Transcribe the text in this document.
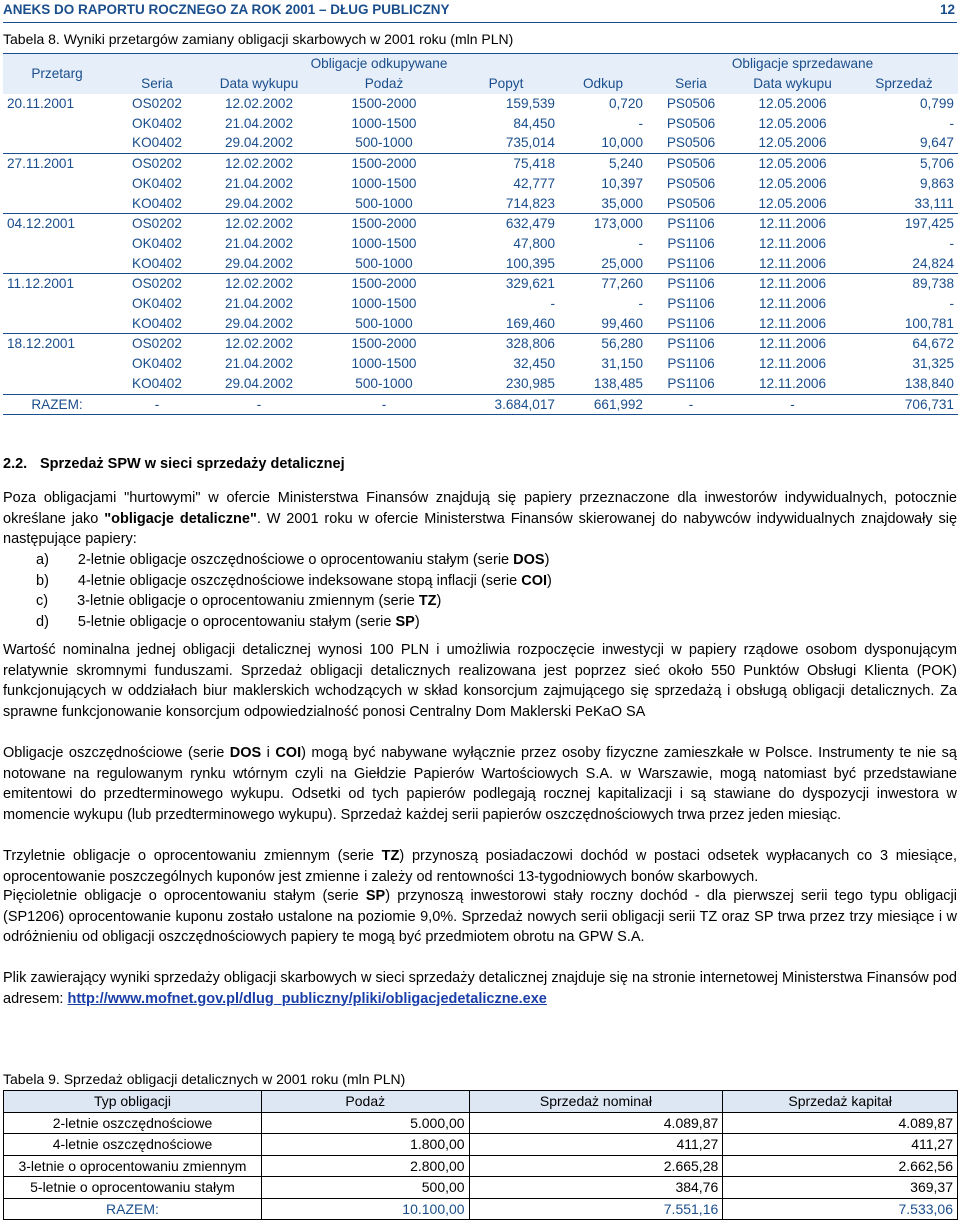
ANEKS DO RAPORTU ROCZNEGO ZA ROK 2001 – DŁUG PUBLICZNY	12
Tabela 8. Wyniki przetargów zamiany obligacji skarbowych w 2001 roku (mln PLN)
Przetarg	Obligacje odkupywane					Obligacje sprzedawane		
	Seria	Data wykupu	Podaż	Popyt	Odkup	Seria	Data wykupu	Sprzedaż
20.11.2001	OS0202	12.02.2002	1500-2000	159,539	0,720	PS0506	12.05.2006	0,799
	OK0402	21.04.2002	1000-1500	84,450	-	PS0506	12.05.2006	-
	KO0402	29.04.2002	500-1000	735,014	10,000	PS0506	12.05.2006	9,647
27.11.2001	OS0202	12.02.2002	1500-2000	75,418	5,240	PS0506	12.05.2006	5,706
	OK0402	21.04.2002	1000-1500	42,777	10,397	PS0506	12.05.2006	9,863
	KO0402	29.04.2002	500-1000	714,823	35,000	PS0506	12.05.2006	33,111
04.12.2001	OS0202	12.02.2002	1500-2000	632,479	173,000	PS1106	12.11.2006	197,425
	OK0402	21.04.2002	1000-1500	47,800	-	PS1106	12.11.2006	-
	KO0402	29.04.2002	500-1000	100,395	25,000	PS1106	12.11.2006	24,824
11.12.2001	OS0202	12.02.2002	1500-2000	329,621	77,260	PS1106	12.11.2006	89,738
	OK0402	21.04.2002	1000-1500	-	-	PS1106	12.11.2006	-
	KO0402	29.04.2002	500-1000	169,460	99,460	PS1106	12.11.2006	100,781
18.12.2001	OS0202	12.02.2002	1500-2000	328,806	56,280	PS1106	12.11.2006	64,672
	OK0402	21.04.2002	1000-1500	32,450	31,150	PS1106	12.11.2006	31,325
	KO0402	29.04.2002	500-1000	230,985	138,485	PS1106	12.11.2006	138,840
RAZEM:	-	-	-	3.684,017	661,992	-	-	706,731
2.2. Sprzedaż SPW w sieci sprzedaży detalicznej
Poza obligacjami "hurtowymi" w ofercie Ministerstwa Finansów znajdują się papiery przeznaczone dla inwestorów indywidualnych, potocznie określane jako "obligacje detaliczne". W 2001 roku w ofercie Ministerstwa Finansów skierowanej do nabywców indywidualnych znajdowały się następujące papiery:
a) 2-letnie obligacje oszczędnościowe o oprocentowaniu stałym (serie DOS)
b) 4-letnie obligacje oszczędnościowe indeksowane stopą inflacji (serie COI)
c) 3-letnie obligacje o oprocentowaniu zmiennym (serie TZ)
d) 5-letnie obligacje o oprocentowaniu stałym (serie SP)
Wartość nominalna jednej obligacji detalicznej wynosi 100 PLN i umożliwia rozpoczęcie inwestycji w papiery rządowe osobom dysponującym relatywnie skromnymi funduszami. Sprzedaż obligacji detalicznych realizowana jest poprzez sieć około 550 Punktów Obsługi Klienta (POK) funkcjonujących w oddziałach biur maklerskich wchodzących w skład konsorcjum zajmującego się sprzedażą i obsługą obligacji detalicznych. Za sprawne funkcjonowanie konsorcjum odpowiedzialność ponosi Centralny Dom Maklerski PeKaO SA
Obligacje oszczędnościowe (serie DOS i COI) mogą być nabywane wyłącznie przez osoby fizyczne zamieszkałe w Polsce. Instrumenty te nie są notowane na regulowanym rynku wtórnym czyli na Giełdzie Papierów Wartościowych S.A. w Warszawie, mogą natomiast być przedstawiane emitentowi do przedterminowego wykupu. Odsetki od tych papierów podlegają rocznej kapitalizacji i są stawiane do dyspozycji inwestora w momencie wykupu (lub przedterminowego wykupu). Sprzedaż każdej serii papierów oszczędnościowych trwa przez jeden miesiąc.
Trzyletnie obligacje o oprocentowaniu zmiennym (serie TZ) przynoszą posiadaczowi dochód w postaci odsetek wypłacanych co 3 miesiące, oprocentowanie poszczególnych kuponów jest zmienne i zależy od rentowności 13-tygodniowych bonów skarbowych.
Pięcioletnie obligacje o oprocentowaniu stałym (serie SP) przynoszą inwestorowi stały roczny dochód - dla pierwszej serii tego typu obligacji (SP1206) oprocentowanie kuponu zostało ustalone na poziomie 9,0%. Sprzedaż nowych serii obligacji serii TZ oraz SP trwa przez trzy miesiące i w odróżnieniu od obligacji oszczędnościowych papiery te mogą być przedmiotem obrotu na GPW S.A.
Plik zawierający wyniki sprzedaży obligacji skarbowych w sieci sprzedaży detalicznej znajduje się na stronie internetowej Ministerstwa Finansów pod adresem: http://www.mofnet.gov.pl/dlug_publiczny/pliki/obligacjedetaliczne.exe
Tabela 9. Sprzedaż obligacji detalicznych w 2001 roku (mln PLN)
Typ obligacji	Podaż	Sprzedaż nominał	Sprzedaż kapitał
2-letnie oszczędnościowe	5.000,00	4.089,87	4.089,87
4-letnie oszczędnościowe	1.800,00	411,27	411,27
3-letnie o oprocentowaniu zmiennym	2.800,00	2.665,28	2.662,56
5-letnie o oprocentowaniu stałym	500,00	384,76	369,37
RAZEM:	10.100,00	7.551,16	7.533,06
